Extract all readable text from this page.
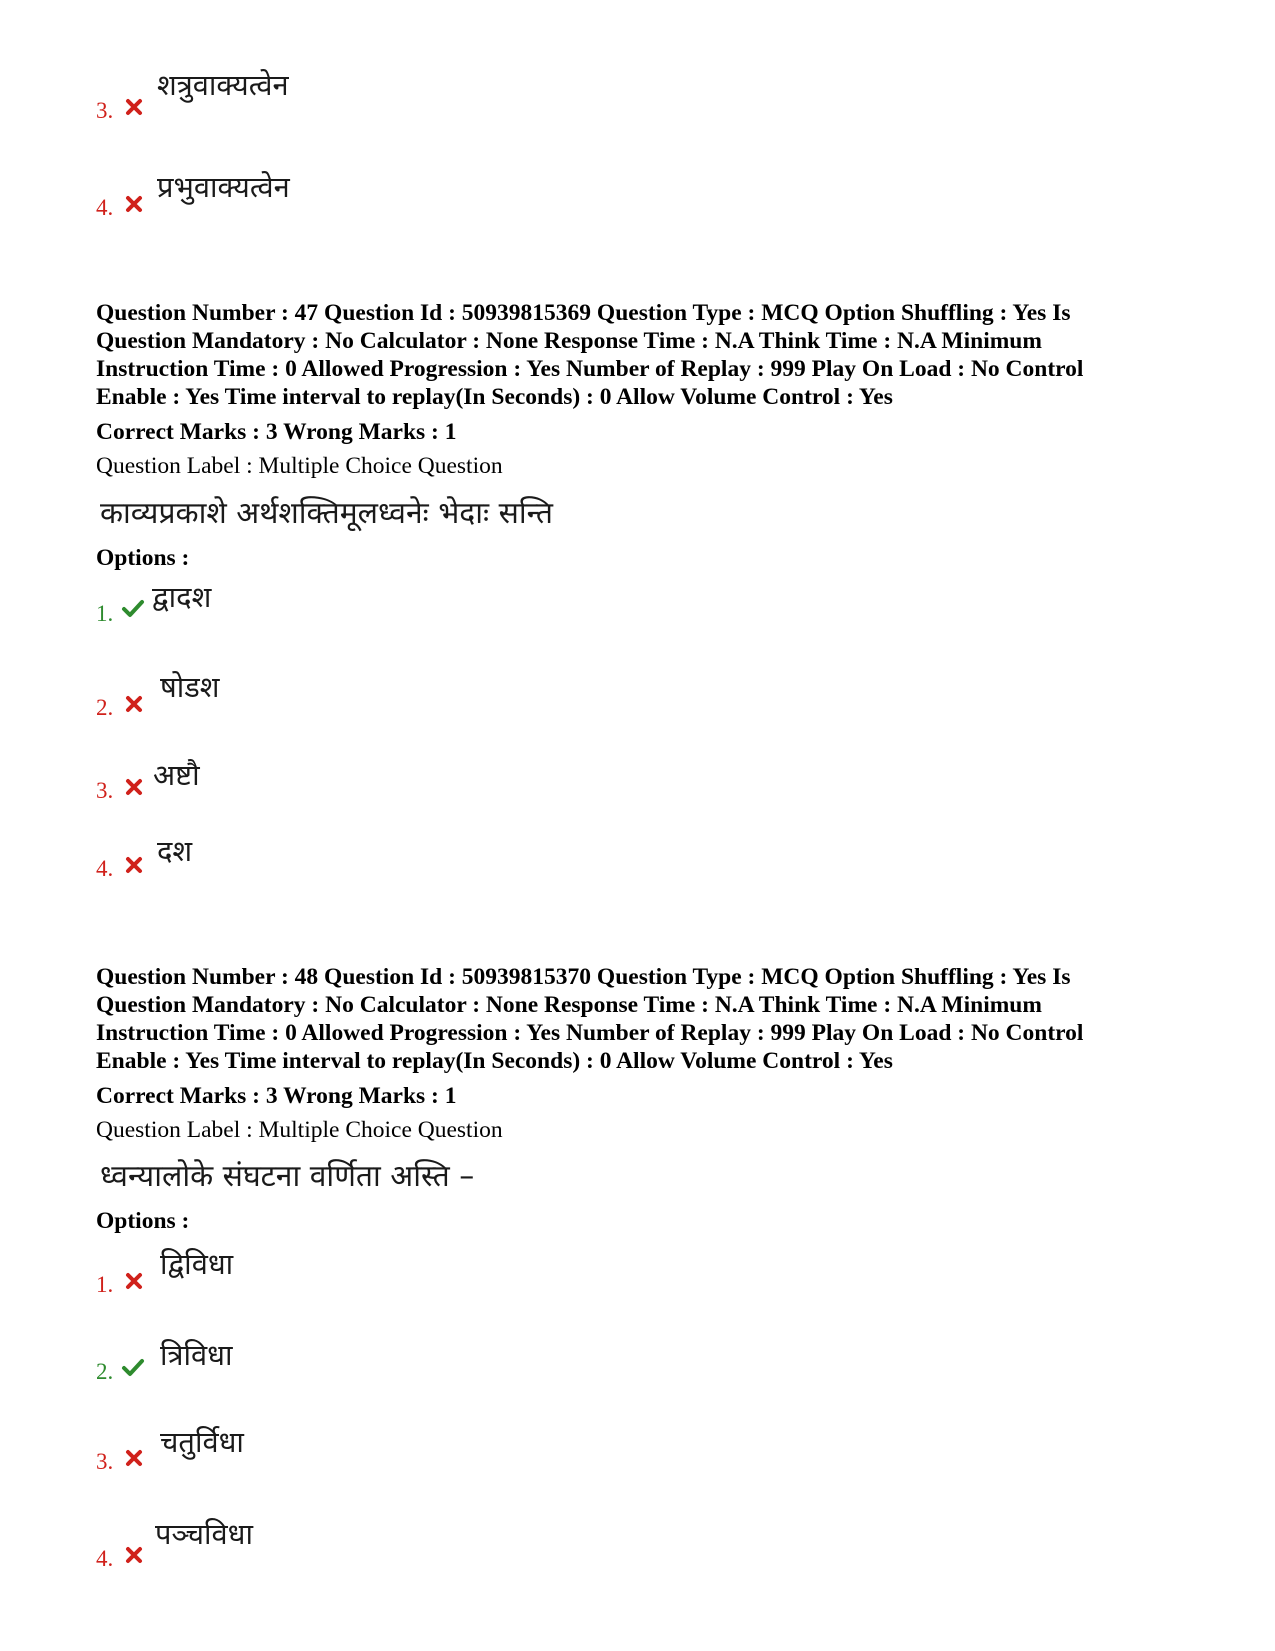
3.
शत्रुवाक्यत्वेन
4.
प्रभुवाक्यत्वेन
Question Number : 47 Question Id : 50939815369 Question Type : MCQ Option Shuffling : Yes Is
Question Mandatory : No Calculator : None Response Time : N.A Think Time : N.A Minimum
Instruction Time : 0 Allowed Progression : Yes Number of Replay : 999 Play On Load : No Control
Enable : Yes Time interval to replay(In Seconds) : 0 Allow Volume Control : Yes
Correct Marks : 3 Wrong Marks : 1
Question Label : Multiple Choice Question
काव्यप्रकाशे अर्थशक्तिमूलध्वनेः भेदाः सन्ति
Options :
1. द्वादश
2.
षोडश
3. अष्टौ
4.
दश
Question Number : 48 Question Id : 50939815370 Question Type : MCQ Option Shuffling : Yes Is
Question Mandatory : No Calculator : None Response Time : N.A Think Time : N.A Minimum
Instruction Time : 0 Allowed Progression : Yes Number of Replay : 999 Play On Load : No Control
Enable : Yes Time interval to replay(In Seconds) : 0 Allow Volume Control : Yes
Correct Marks : 3 Wrong Marks : 1
Question Label : Multiple Choice Question
ध्वन्यालोके संघटना वर्णिता अस्ति –
Options :
1.
द्विविधा
2. त्रिविधा
3.
चतुर्विधा
4.
पञ्चविधा
